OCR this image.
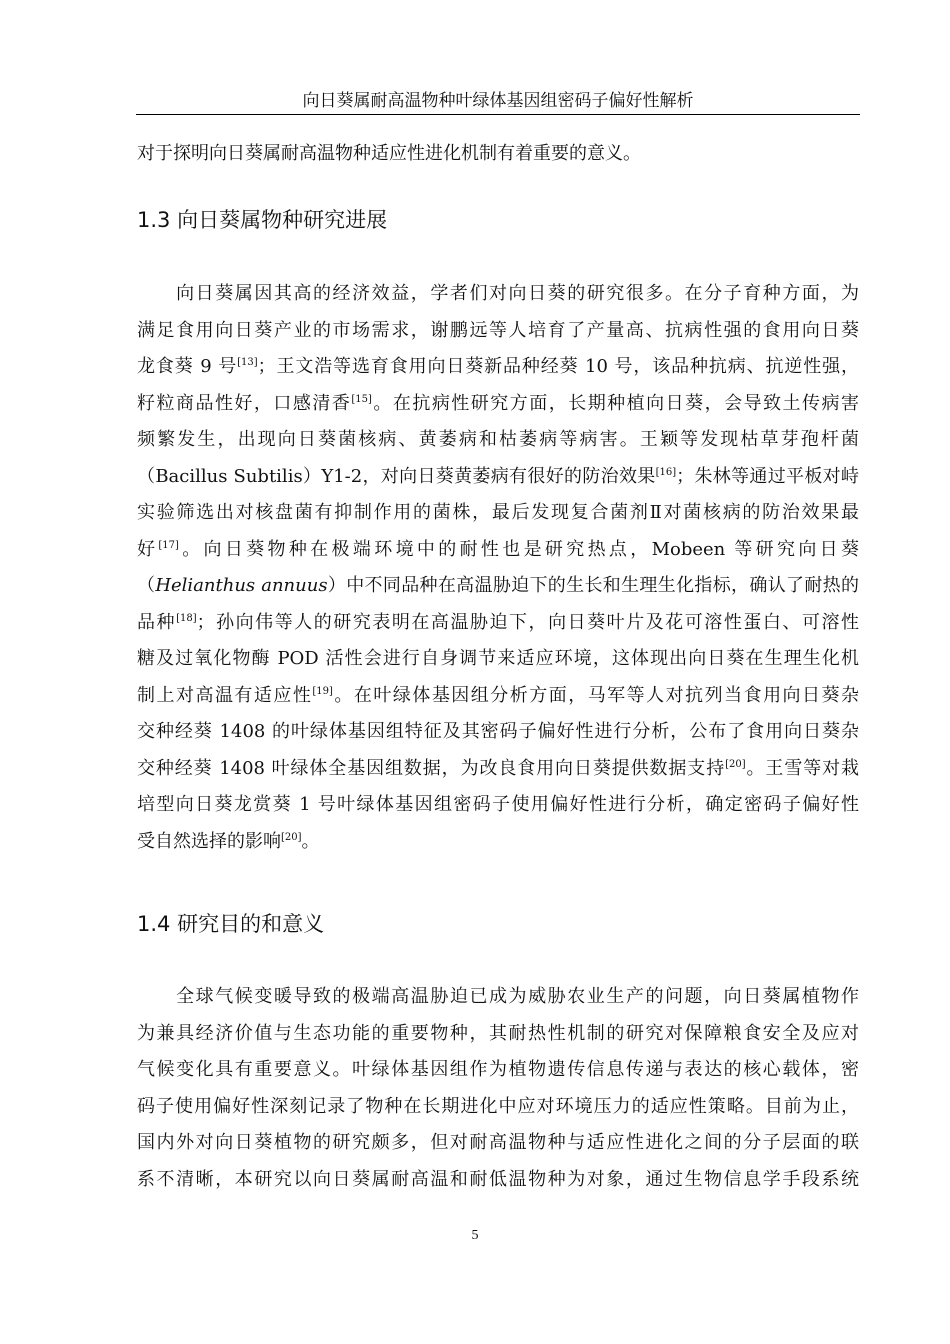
向日葵属耐高温物种叶绿体基因组密码子偏好性解析
对于探明向日葵属耐高温物种适应性进化机制有着重要的意义。
1.3 向日葵属物种研究进展
　　向日葵属因其高的经济效益，学者们对向日葵的研究很多。在分子育种方面，为
满足食用向日葵产业的市场需求，谢鹏远等人培育了产量高、抗病性强的食用向日葵
龙食葵 9 号[13]；王文浩等选育食用向日葵新品种经葵 10 号，该品种抗病、抗逆性强，
籽粒商品性好，口感清香[15]。在抗病性研究方面，长期种植向日葵，会导致土传病害
频繁发生，出现向日葵菌核病、黄萎病和枯萎病等病害。王颖等发现枯草芽孢杆菌
（Bacillus Subtilis）Y1-2，对向日葵黄萎病有很好的防治效果[16]；朱林等通过平板对峙
实验筛选出对核盘菌有抑制作用的菌株，最后发现复合菌剂Ⅱ对菌核病的防治效果最
好[17]。向日葵物种在极端环境中的耐性也是研究热点，Mobeen 等研究向日葵
（Helianthus annuus）中不同品种在高温胁迫下的生长和生理生化指标，确认了耐热的
品种[18]；孙向伟等人的研究表明在高温胁迫下，向日葵叶片及花可溶性蛋白、可溶性
糖及过氧化物酶 POD 活性会进行自身调节来适应环境，这体现出向日葵在生理生化机
制上对高温有适应性[19]。在叶绿体基因组分析方面，马军等人对抗列当食用向日葵杂
交种经葵 1408 的叶绿体基因组特征及其密码子偏好性进行分析，公布了食用向日葵杂
交种经葵 1408 叶绿体全基因组数据，为改良食用向日葵提供数据支持[20]。王雪等对栽
培型向日葵龙赏葵 1 号叶绿体基因组密码子使用偏好性进行分析，确定密码子偏好性
受自然选择的影响[20]。
1.4 研究目的和意义
　　全球气候变暖导致的极端高温胁迫已成为威胁农业生产的问题，向日葵属植物作
为兼具经济价值与生态功能的重要物种，其耐热性机制的研究对保障粮食安全及应对
气候变化具有重要意义。叶绿体基因组作为植物遗传信息传递与表达的核心载体，密
码子使用偏好性深刻记录了物种在长期进化中应对环境压力的适应性策略。目前为止，
国内外对向日葵植物的研究颇多，但对耐高温物种与适应性进化之间的分子层面的联
系不清晰，本研究以向日葵属耐高温和耐低温物种为对象，通过生物信息学手段系统
5
